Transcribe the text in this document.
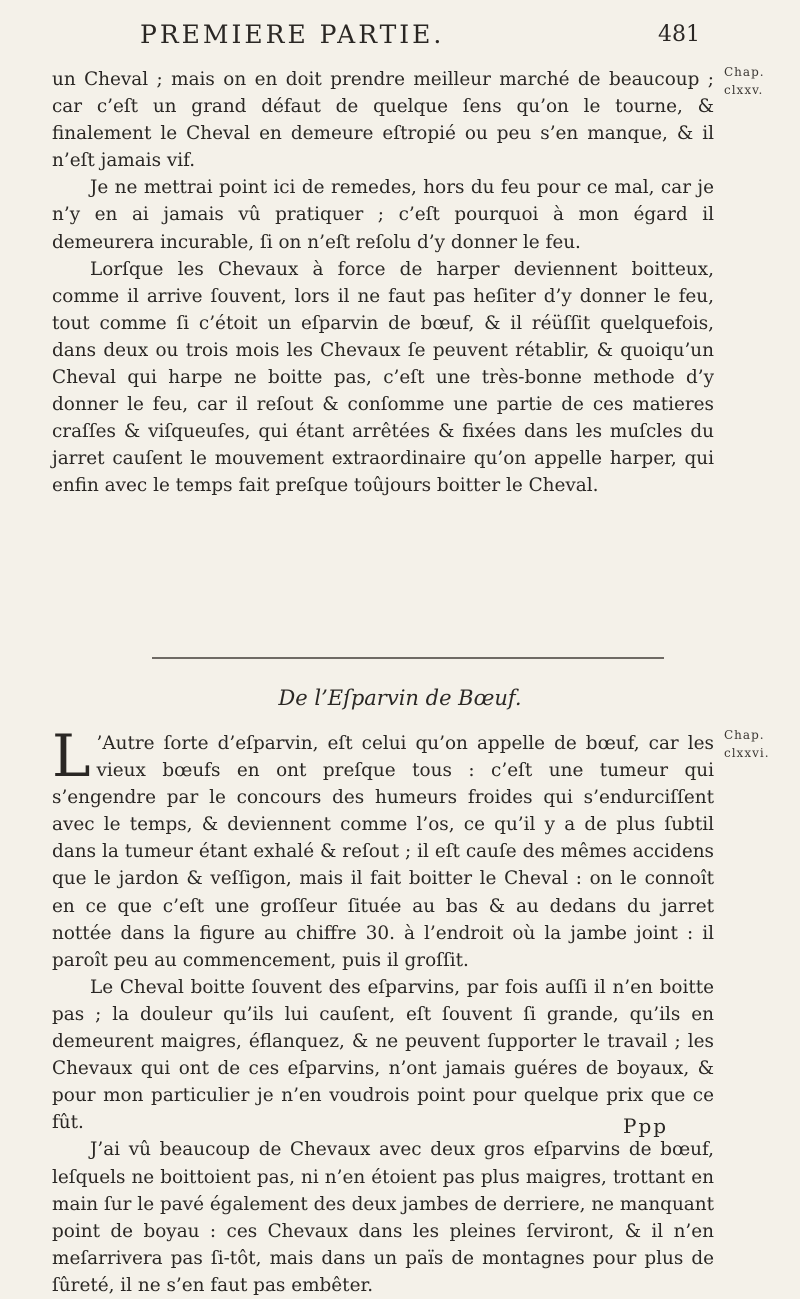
PREMIERE PARTIE.	481
Chap.
clxxv.

un Cheval ; mais on en doit prendre meilleur marché de beaucoup ; car c’eſt un grand défaut de quelque ſens qu’on le tourne, & finalement le Cheval en demeure eſtropié ou peu s’en manque, & il n’eſt jamais vif.

Je ne mettrai point ici de remedes, hors du feu pour ce mal, car je n’y en ai jamais vû pratiquer ; c’eſt pourquoi à mon égard il demeurera incurable, ſi on n’eſt reſolu d’y donner le feu.

Lorſque les Chevaux à force de harper deviennent boitteux, comme il arrive ſouvent, lors il ne faut pas heſiter d’y donner le feu, tout comme ſi c’étoit un eſparvin de bœuf, & il réüſſit quelquefois, dans deux ou trois mois les Chevaux ſe peuvent rétablir, & quoiqu’un Cheval qui harpe ne boitte pas, c’eſt une très-bonne methode d’y donner le feu, car il reſout & conſomme une partie de ces matieres craſſes & viſqueuſes, qui étant arrêtées & fixées dans les muſcles du jarret cauſent le mouvement extraordinaire qu’on appelle harper, qui enfin avec le temps fait preſque toûjours boitter le Cheval.

De l’Eſparvin de Bœuf.
Chap.
clxxvi.

L ’Autre ſorte d’eſparvin, eſt celui qu’on appelle de bœuf, car les vieux bœufs en ont preſque tous : c’eſt une tumeur qui s’engendre par le concours des humeurs froides qui s’endurciſſent avec le temps, & deviennent comme l’os, ce qu’il y a de plus ſubtil dans la tumeur étant exhalé & reſout ; il eſt cauſe des mêmes accidens que le jardon & veſſigon, mais il fait boitter le Cheval : on le connoît en ce que c’eſt une groſſeur ſituée au bas & au dedans du jarret nottée dans la figure au chiffre 30. à l’endroit où la jambe joint : il paroît peu au commencement, puis il groſſit.

Le Cheval boitte ſouvent des eſparvins, par fois auſſi il n’en boitte pas ; la douleur qu’ils lui cauſent, eſt ſouvent ſi grande, qu’ils en demeurent maigres, éflanquez, & ne peuvent ſupporter le travail ; les Chevaux qui ont de ces eſparvins, n’ont jamais guéres de boyaux, & pour mon particulier je n’en voudrois point pour quelque prix que ce fût.

J’ai vû beaucoup de Chevaux avec deux gros eſparvins de bœuf, leſquels ne boittoient pas, ni n’en étoient pas plus maigres, trottant en main ſur le pavé également des deux jambes de derriere, ne manquant point de boyau : ces Chevaux dans les pleines ſerviront, & il n’en meſarrivera pas ſi-tôt, mais dans un païs de montagnes pour plus de ſûreté, il ne s’en faut pas embêter.

Ppp
